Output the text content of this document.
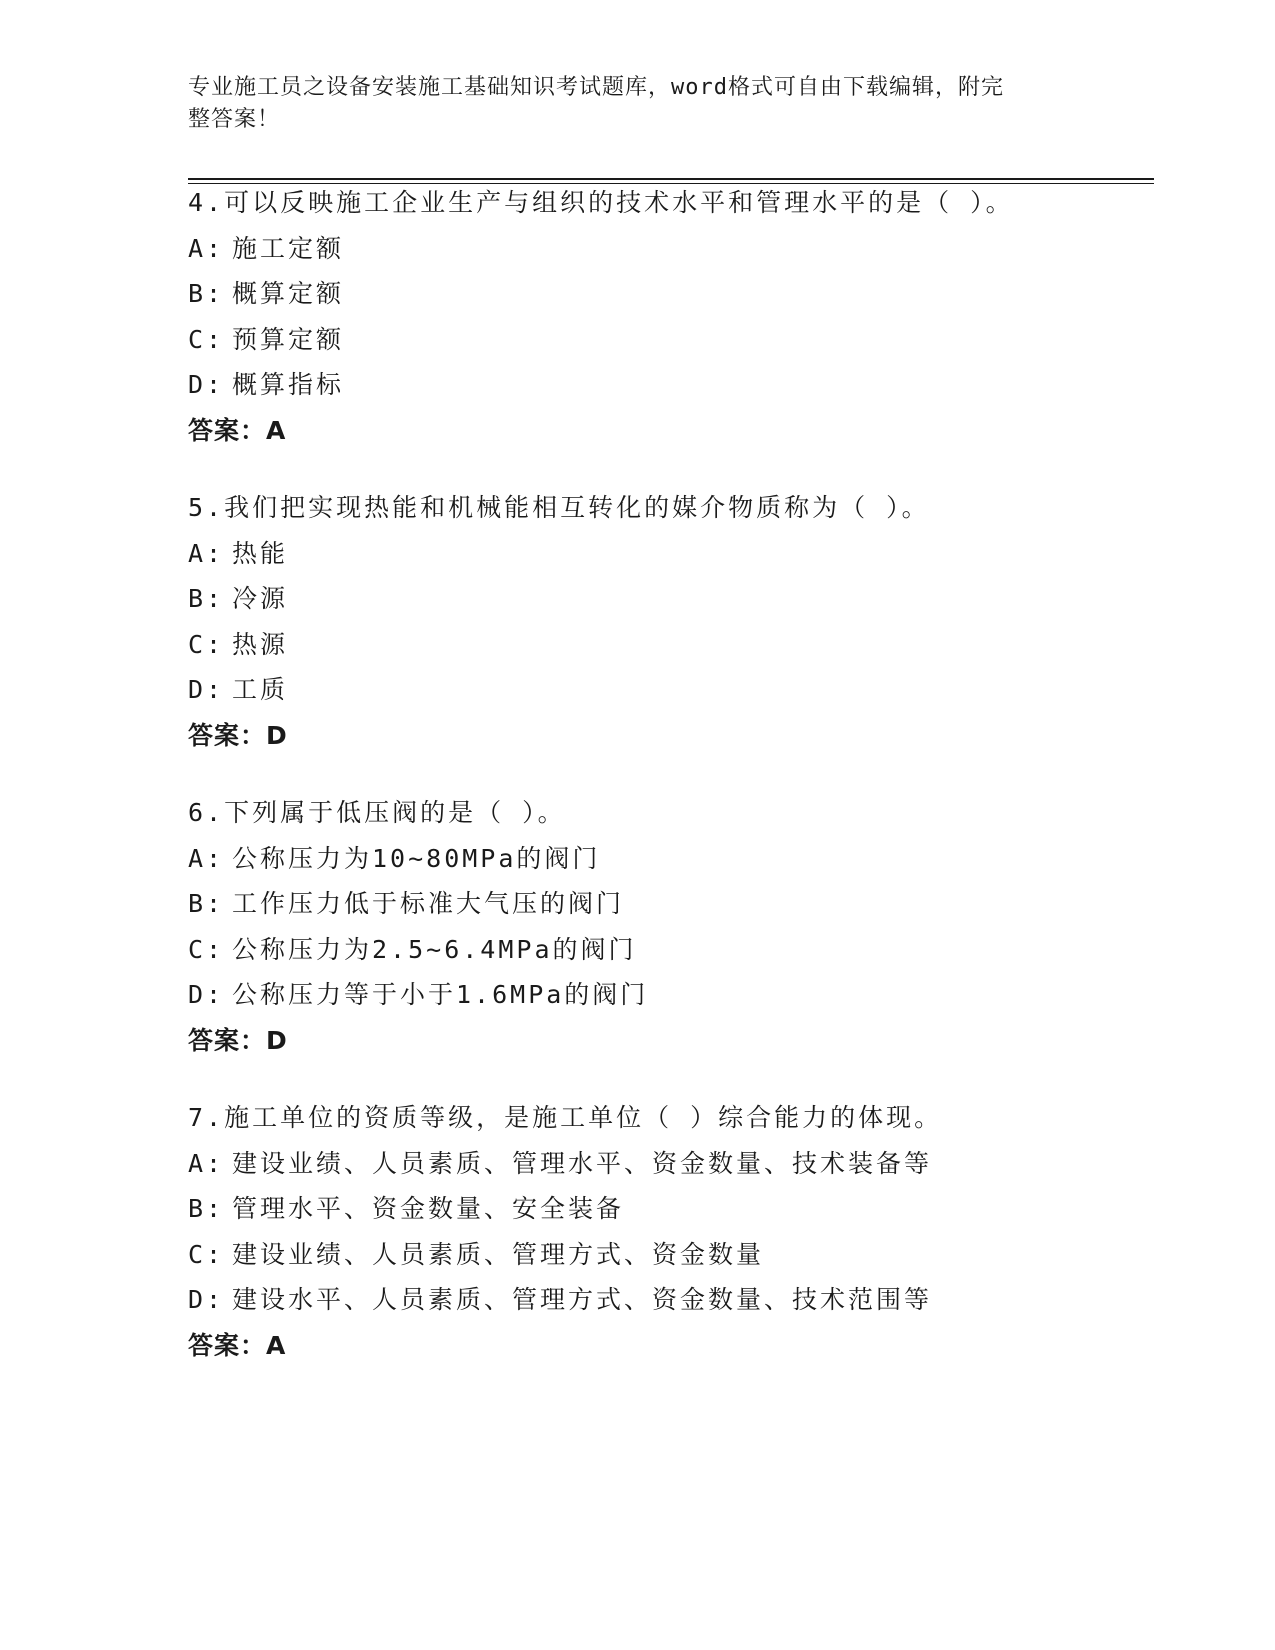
专业施工员之设备安装施工基础知识考试题库，word格式可自由下载编辑，附完
整答案！
4.可以反映施工企业生产与组织的技术水平和管理水平的是（ ）。
A: 施工定额
B: 概算定额
C: 预算定额
D: 概算指标
答案：A
5.我们把实现热能和机械能相互转化的媒介物质称为（ ）。
A: 热能
B: 冷源
C: 热源
D: 工质
答案：D
6.下列属于低压阀的是（ ）。
A: 公称压力为10~80MPa的阀门
B: 工作压力低于标准大气压的阀门
C: 公称压力为2.5~6.4MPa的阀门
D: 公称压力等于小于1.6MPa的阀门
答案：D
7.施工单位的资质等级，是施工单位（ ）综合能力的体现。
A: 建设业绩、人员素质、管理水平、资金数量、技术装备等
B: 管理水平、资金数量、安全装备
C: 建设业绩、人员素质、管理方式、资金数量
D: 建设水平、人员素质、管理方式、资金数量、技术范围等
答案：A
